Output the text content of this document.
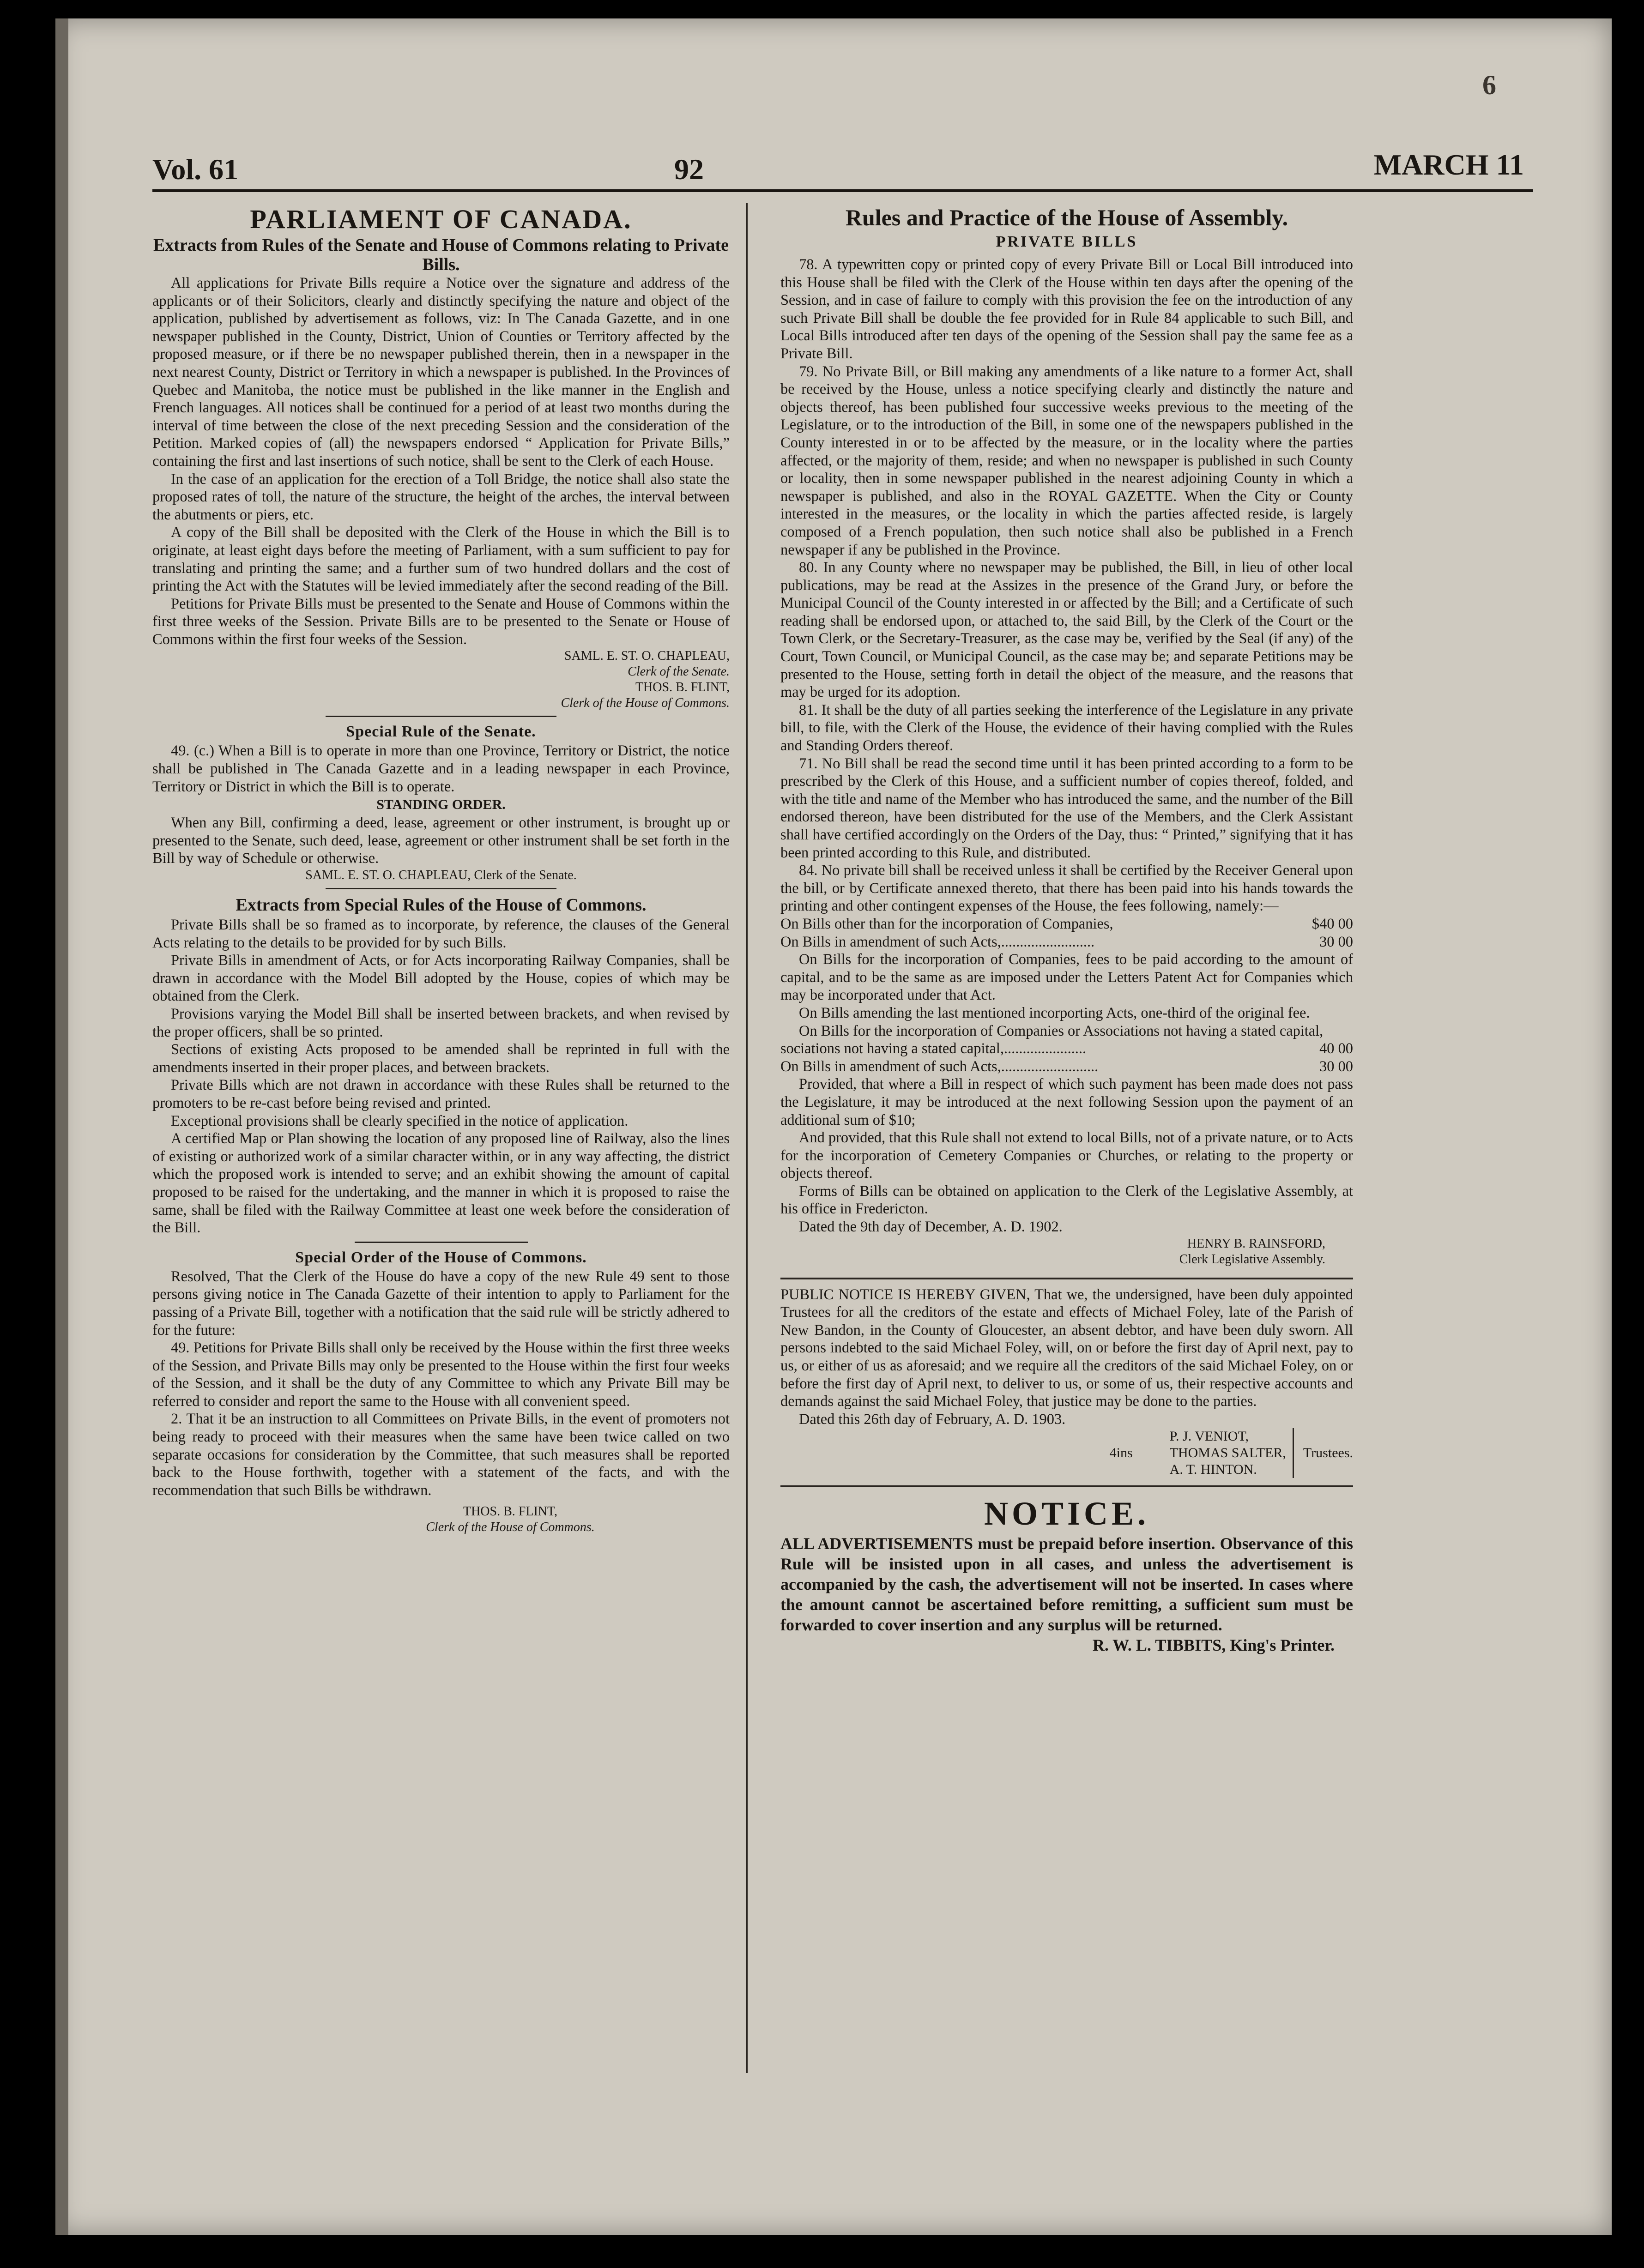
6
Vol. 61	92	MARCH 11
PARLIAMENT OF CANADA.
Extracts from Rules of the Senate and House of Commons relating to Private Bills.

All applications for Private Bills require a Notice over the signature and address of the applicants or of their Solicitors, clearly and distinctly specifying the nature and object of the application, published by advertisement as follows, viz: In The Canada Gazette, and in one newspaper published in the County, District, Union of Counties or Territory affected by the proposed measure, or if there be no newspaper published therein, then in a newspaper in the next nearest County, District or Territory in which a newspaper is published. In the Provinces of Quebec and Manitoba, the notice must be published in the like manner in the English and French languages. All notices shall be continued for a period of at least two months during the interval of time between the close of the next preceding Session and the consideration of the Petition. Marked copies of (all) the newspapers endorsed “ Application for Private Bills,” containing the first and last insertions of such notice, shall be sent to the Clerk of each House.

In the case of an application for the erection of a Toll Bridge, the notice shall also state the proposed rates of toll, the nature of the structure, the height of the arches, the interval between the abutments or piers, etc.

A copy of the Bill shall be deposited with the Clerk of the House in which the Bill is to originate, at least eight days before the meeting of Parliament, with a sum sufficient to pay for translating and printing the same; and a further sum of two hundred dollars and the cost of printing the Act with the Statutes will be levied immediately after the second reading of the Bill.

Petitions for Private Bills must be presented to the Senate and House of Commons within the first three weeks of the Session. Private Bills are to be presented to the Senate or House of Commons within the first four weeks of the Session.

SAML. E. ST. O. CHAPLEAU,
Clerk of the Senate.
THOS. B. FLINT,
Clerk of the House of Commons.
Special Rule of the Senate.

49. (c.) When a Bill is to operate in more than one Province, Territory or District, the notice shall be published in The Canada Gazette and in a leading newspaper in each Province, Territory or District in which the Bill is to operate.

STANDING ORDER.

When any Bill, confirming a deed, lease, agreement or other instrument, is brought up or presented to the Senate, such deed, lease, agreement or other instrument shall be set forth in the Bill by way of Schedule or otherwise.

SAML. E. ST. O. CHAPLEAU, Clerk of the Senate.
Extracts from Special Rules of the House of Commons.

Private Bills shall be so framed as to incorporate, by reference, the clauses of the General Acts relating to the details to be provided for by such Bills.

Private Bills in amendment of Acts, or for Acts incorporating Railway Companies, shall be drawn in accordance with the Model Bill adopted by the House, copies of which may be obtained from the Clerk.

Provisions varying the Model Bill shall be inserted between brackets, and when revised by the proper officers, shall be so printed.

Sections of existing Acts proposed to be amended shall be reprinted in full with the amendments inserted in their proper places, and between brackets.

Private Bills which are not drawn in accordance with these Rules shall be returned to the promoters to be re-cast before being revised and printed.

Exceptional provisions shall be clearly specified in the notice of application.

A certified Map or Plan showing the location of any proposed line of Railway, also the lines of existing or authorized work of a similar character within, or in any way affecting, the district which the proposed work is intended to serve; and an exhibit showing the amount of capital proposed to be raised for the undertaking, and the manner in which it is proposed to raise the same, shall be filed with the Railway Committee at least one week before the consideration of the Bill.

Special Order of the House of Commons.

Resolved, That the Clerk of the House do have a copy of the new Rule 49 sent to those persons giving notice in The Canada Gazette of their intention to apply to Parliament for the passing of a Private Bill, together with a notification that the said rule will be strictly adhered to for the future:

49. Petitions for Private Bills shall only be received by the House within the first three weeks of the Session, and Private Bills may only be presented to the House within the first four weeks of the Session, and it shall be the duty of any Committee to which any Private Bill may be referred to consider and report the same to the House with all convenient speed.

2. That it be an instruction to all Committees on Private Bills, in the event of promoters not being ready to proceed with their measures when the same have been twice called on two separate occasions for consideration by the Committee, that such measures shall be reported back to the House forthwith, together with a statement of the facts, and with the recommendation that such Bills be withdrawn.

THOS. B. FLINT,
Clerk of the House of Commons.
Rules and Practice of the House of Assembly.
PRIVATE BILLS

78. A typewritten copy or printed copy of every Private Bill or Local Bill introduced into this House shall be filed with the Clerk of the House within ten days after the opening of the Session, and in case of failure to comply with this provision the fee on the introduction of any such Private Bill shall be double the fee provided for in Rule 84 applicable to such Bill, and Local Bills introduced after ten days of the opening of the Session shall pay the same fee as a Private Bill.

79. No Private Bill, or Bill making any amendments of a like nature to a former Act, shall be received by the House, unless a notice specifying clearly and distinctly the nature and objects thereof, has been published four successive weeks previous to the meeting of the Legislature, or to the introduction of the Bill, in some one of the newspapers published in the County interested in or to be affected by the measure, or in the locality where the parties affected, or the majority of them, reside; and when no newspaper is published in such County or locality, then in some newspaper published in the nearest adjoining County in which a newspaper is published, and also in the ROYAL GAZETTE. When the City or County interested in the measures, or the locality in which the parties affected reside, is largely composed of a French population, then such notice shall also be published in a French newspaper if any be published in the Province.

80. In any County where no newspaper may be published, the Bill, in lieu of other local publications, may be read at the Assizes in the presence of the Grand Jury, or before the Municipal Council of the County interested in or affected by the Bill; and a Certificate of such reading shall be endorsed upon, or attached to, the said Bill, by the Clerk of the Court or the Town Clerk, or the Secretary-Treasurer, as the case may be, verified by the Seal (if any) of the Court, Town Council, or Municipal Council, as the case may be; and separate Petitions may be presented to the House, setting forth in detail the object of the measure, and the reasons that may be urged for its adoption.

81. It shall be the duty of all parties seeking the interference of the Legislature in any private bill, to file, with the Clerk of the House, the evidence of their having complied with the Rules and Standing Orders thereof.

71. No Bill shall be read the second time until it has been printed according to a form to be prescribed by the Clerk of this House, and a sufficient number of copies thereof, folded, and with the title and name of the Member who has introduced the same, and the number of the Bill endorsed thereon, have been distributed for the use of the Members, and the Clerk Assistant shall have certified accordingly on the Orders of the Day, thus: “ Printed,” signifying that it has been printed according to this Rule, and distributed.

84. No private bill shall be received unless it shall be certified by the Receiver General upon the bill, or by Certificate annexed thereto, that there has been paid into his hands towards the printing and other contingent expenses of the House, the fees following, namely:—

On Bills other than for the incorporation of Companies,	$40 00
On Bills in amendment of such Acts,.........................	30 00

On Bills for the incorporation of Companies, fees to be paid according to the amount of capital, and to be the same as are imposed under the Letters Patent Act for Companies which may be incorporated under that Act.

On Bills amending the last mentioned incorporting Acts, one-third of the original fee.

On Bills for the incorporation of Companies or Associations not having a stated capital,

sociations not having a stated capital,......................	40 00
On Bills in amendment of such Acts,..........................	30 00

Provided, that where a Bill in respect of which such payment has been made does not pass the Legislature, it may be introduced at the next following Session upon the payment of an additional sum of $10;

And provided, that this Rule shall not extend to local Bills, not of a private nature, or to Acts for the incorporation of Cemetery Companies or Churches, or relating to the property or objects thereof.

Forms of Bills can be obtained on application to the Clerk of the Legislative Assembly, at his office in Fredericton.

Dated the 9th day of December, A. D. 1902.

HENRY B. RAINSFORD,
Clerk Legislative Assembly.

PUBLIC NOTICE IS HEREBY GIVEN, That we, the undersigned, have been duly appointed Trustees for all the creditors of the estate and effects of Michael Foley, late of the Parish of New Bandon, in the County of Gloucester, an absent debtor, and have been duly sworn. All persons indebted to the said Michael Foley, will, on or before the first day of April next, pay to us, or either of us as aforesaid; and we require all the creditors of the said Michael Foley, on or before the first day of April next, to deliver to us, or some of us, their respective accounts and demands against the said Michael Foley, that justice may be done to the parties.

Dated this 26th day of February, A. D. 1903.

4ins
P. J. VENIOT,
THOMAS SALTER,
A. T. HINTON.
Trustees.
NOTICE.
ALL ADVERTISEMENTS must be prepaid before insertion. Observance of this Rule will be insisted upon in all cases, and unless the advertisement is accompanied by the cash, the advertisement will not be inserted. In cases where the amount cannot be ascertained before remitting, a sufficient sum must be forwarded to cover insertion and any surplus will be returned.
R. W. L. TIBBITS, King's Printer.
